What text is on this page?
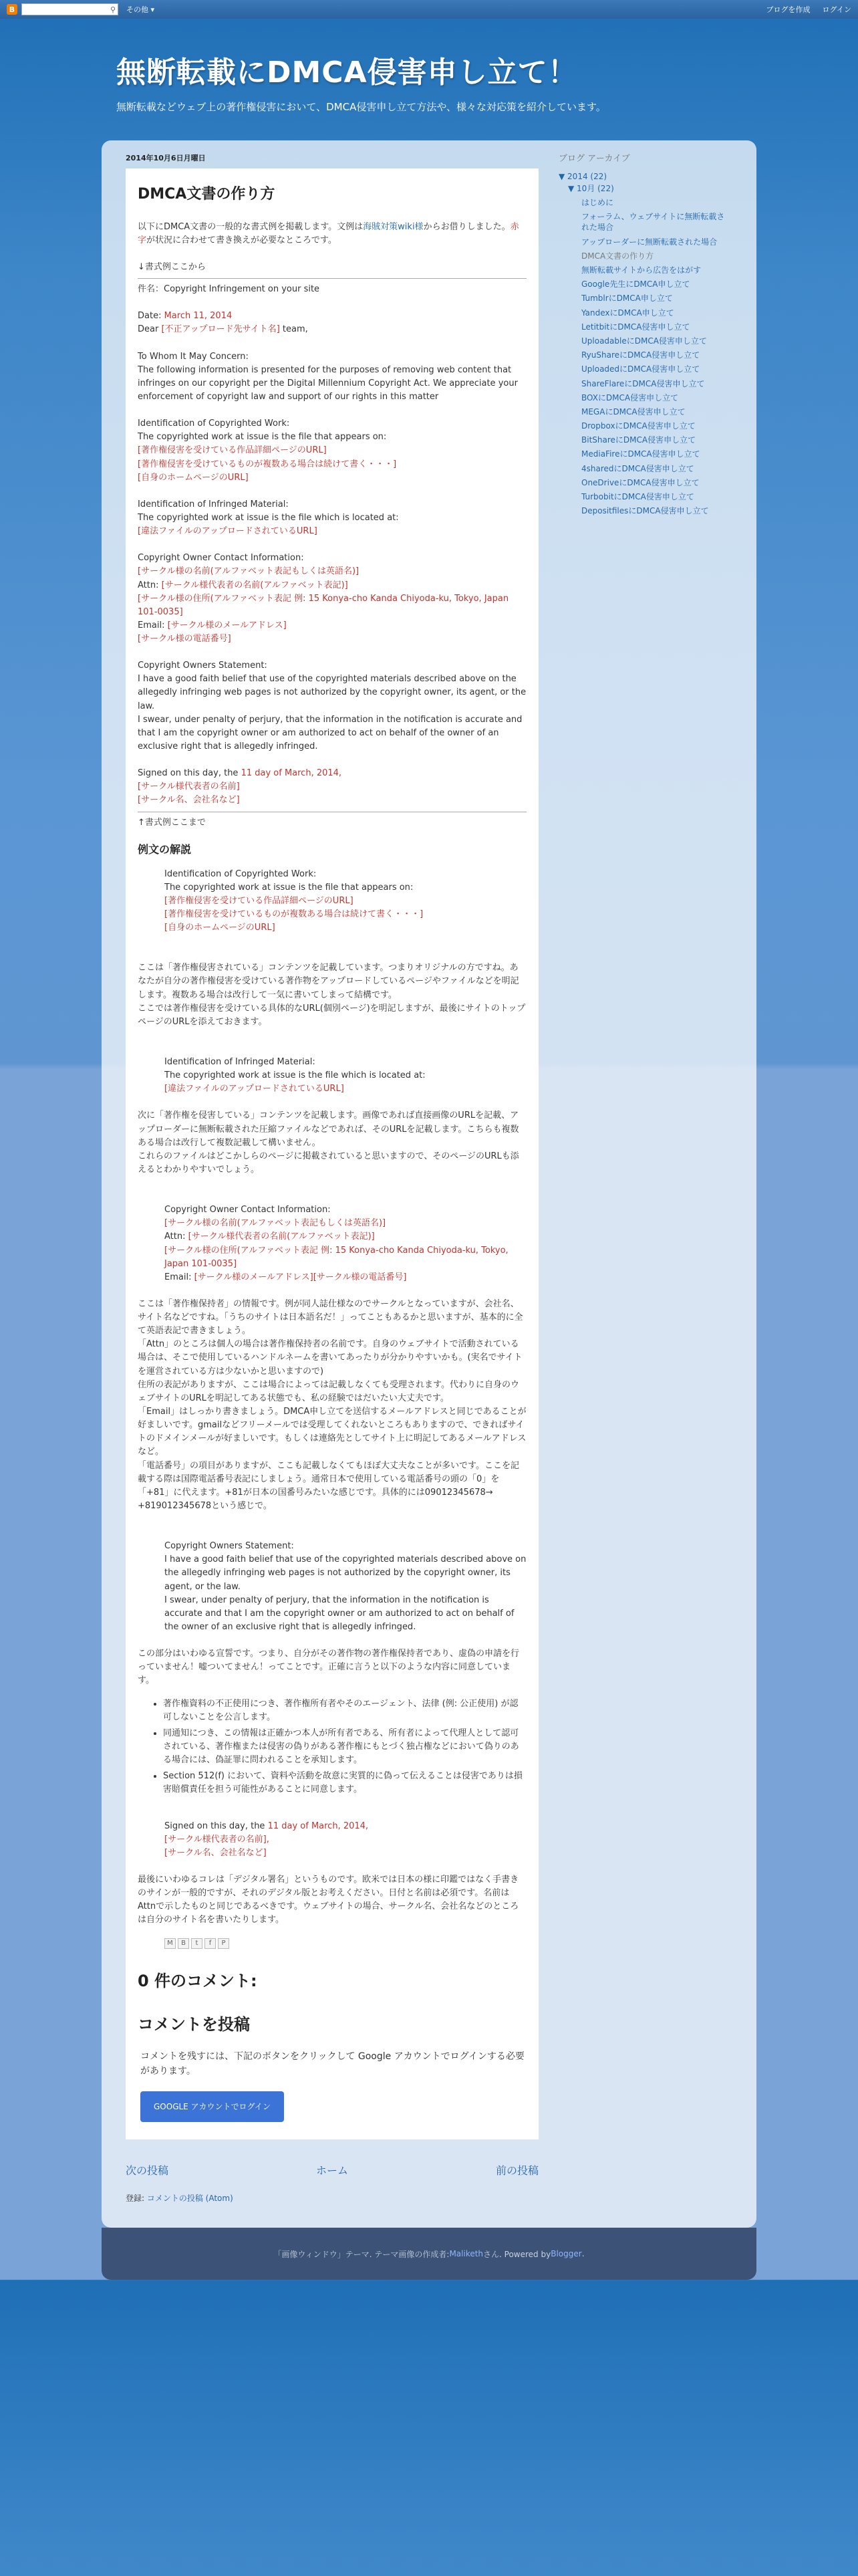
B	⚲ その他 ▾	ブログを作成 ログイン
無断転載にDMCA侵害申し立て！
無断転載などウェブ上の著作権侵害において、DMCA侵害申し立て方法や、様々な対応策を紹介しています。
2014年10月6日月曜日
DMCA文書の作り方

以下にDMCA文書の一般的な書式例を掲載します。文例は海賊対策wiki様からお借りしました。赤字が状況に合わせて書き換えが必要なところです。

↓書式例ここから

件名：Copyright Infringement on your site

Date: March 11, 2014

Dear [不正アップロード先サイト名] team,

To Whom It May Concern:

The following information is presented for the purposes of removing web content that infringes on our copyright per the Digital Millennium Copyright Act. We appreciate your enforcement of copyright law and support of our rights in this matter

Identification of Copyrighted Work:

The copyrighted work at issue is the file that appears on:

[著作権侵害を受けている作品詳細ページのURL]

[著作権侵害を受けているものが複数ある場合は続けて書く・・・]

[自身のホームページのURL]

Identification of Infringed Material:

The copyrighted work at issue is the file which is located at:

[違法ファイルのアップロードされているURL]

Copyright Owner Contact Information:

[サークル様の名前(アルファベット表記もしくは英語名)]

Attn: [サークル様代表者の名前(アルファベット表記)]

[サークル様の住所(アルファベット表記 例: 15 Konya-cho Kanda Chiyoda-ku, Tokyo, Japan 101-0035]

Email: [サークル様のメールアドレス]

[サークル様の電話番号]

Copyright Owners Statement:

I have a good faith belief that use of the copyrighted materials described above on the allegedly infringing web pages is not authorized by the copyright owner, its agent, or the law.

I swear, under penalty of perjury, that the information in the notification is accurate and that I am the copyright owner or am authorized to act on behalf of the owner of an exclusive right that is allegedly infringed.

Signed on this day, the 11 day of March, 2014,

[サークル様代表者の名前]

[サークル名、会社名など]

↑書式例ここまで

例文の解説

Identification of Copyrighted Work:

The copyrighted work at issue is the file that appears on:

[著作権侵害を受けている作品詳細ページのURL]

[著作権侵害を受けているものが複数ある場合は続けて書く・・・]

[自身のホームページのURL]

ここは「著作権侵害されている」コンテンツを記載しています。つまりオリジナルの方ですね。あなたが自分の著作権侵害を受けている著作物をアップロードしているページやファイルなどを明記します。複数ある場合は改行して一気に書いてしまって結構です。

ここでは著作権侵害を受けている具体的なURL(個別ページ)を明記しますが、最後にサイトのトップページのURLを添えておきます。

Identification of Infringed Material:

The copyrighted work at issue is the file which is located at:

[違法ファイルのアップロードされているURL]

次に「著作権を侵害している」コンテンツを記載します。画像であれば直接画像のURLを記載、アップローダーに無断転載された圧縮ファイルなどであれば、そのURLを記載します。こちらも複数ある場合は改行して複数記載して構いません。

これらのファイルはどこかしらのページに掲載されていると思いますので、そのページのURLも添えるとわかりやすいでしょう。

Copyright Owner Contact Information:

[サークル様の名前(アルファベット表記もしくは英語名)]

Attn: [サークル様代表者の名前(アルファベット表記)]

[サークル様の住所(アルファベット表記 例: 15 Konya-cho Kanda Chiyoda-ku, Tokyo, Japan 101-0035]

Email: [サークル様のメールアドレス][サークル様の電話番号]

ここは「著作権保持者」の情報です。例が同人誌仕様なのでサークルとなっていますが、会社名、サイト名などですね。「うちのサイトは日本語名だ！」ってこともあるかと思いますが、基本的に全て英語表記で書きましょう。

「Attn」のところは個人の場合は著作権保持者の名前です。自身のウェブサイトで活動されている場合は、そこで使用しているハンドルネームを書いてあったりが分かりやすいかも。(実名でサイトを運営されている方は少ないかと思いますので)

住所の表記がありますが、ここは場合によっては記載しなくても受理されます。代わりに自身のウェブサイトのURLを明記してある状態でも、私の経験ではだいたい大丈夫です。

「Email」はしっかり書きましょう。DMCA申し立てを送信するメールアドレスと同じであることが好ましいです。gmailなどフリーメールでは受理してくれないところもありますので、できればサイトのドメインメールが好ましいです。もしくは連絡先としてサイト上に明記してあるメールアドレスなど。

「電話番号」の項目がありますが、ここも記載しなくてもほぼ大丈夫なことが多いです。ここを記載する際は国際電話番号表記にしましょう。通常日本で使用している電話番号の頭の「0」を「+81」に代えます。+81が日本の国番号みたいな感じです。具体的には09012345678→ +819012345678という感じで。

Copyright Owners Statement:

I have a good faith belief that use of the copyrighted materials described above on the allegedly infringing web pages is not authorized by the copyright owner, its agent, or the law.

I swear, under penalty of perjury, that the information in the notification is accurate and that I am the copyright owner or am authorized to act on behalf of the owner of an exclusive right that is allegedly infringed.

この部分はいわゆる宣誓です。つまり、自分がその著作物の著作権保持者であり、虚偽の申請を行っていません！嘘ついてません！ってことです。正確に言うと以下のような内容に同意しています。

• 著作権資料の不正使用につき、著作権所有者やそのエージェント、法律 (例: 公正使用) が認可しないことを公言します。
• 同通知につき、この情報は正確かつ本人が所有者である、所有者によって代理人として認可されている、著作権または侵害の偽りがある著作権にもとづく独占権などにおいて偽りのある場合には、偽証罪に問われることを承知します。
• Section 512(f) において、資料や活動を故意に実質的に偽って伝えることは侵害でありは損害賠償責任を担う可能性があることに同意します。

Signed on this day, the 11 day of March, 2014,

[サークル様代表者の名前],

[サークル名、会社名など]

最後にいわゆるコレは「デジタル署名」というものです。欧米では日本の様に印鑑ではなく手書きのサインが一般的ですが、それのデジタル版とお考えください。日付と名前は必須です。名前はAttnで示したものと同じであるべきです。ウェブサイトの場合、サークル名、会社名などのところは自分のサイト名を書いたりします。

M	B	t	f	P
0 件のコメント:
コメントを投稿

コメントを残すには、下記のボタンをクリックして Google アカウントでログインする必要があります。

GOOGLE アカウントでログイン
ブログ アーカイブ
▼ 2014 (22)
▼ 10月 (22)
はじめに
フォーラム、ウェブサイトに無断転載された場合
アップローダーに無断転載された場合
DMCA文書の作り方
無断転載サイトから広告をはがす
Google先生にDMCA申し立て
TumblrにDMCA申し立て
YandexにDMCA申し立て
LetitbitにDMCA侵害申し立て
UploadableにDMCA侵害申し立て
RyuShareにDMCA侵害申し立て
UploadedにDMCA侵害申し立て
ShareFlareにDMCA侵害申し立て
BOXにDMCA侵害申し立て
MEGAにDMCA侵害申し立て
DropboxにDMCA侵害申し立て
BitShareにDMCA侵害申し立て
MediaFireにDMCA侵害申し立て
4sharedにDMCA侵害申し立て
OneDriveにDMCA侵害申し立て
TurbobitにDMCA侵害申し立て
DepositfilesにDMCA侵害申し立て
次の投稿	ホーム	前の投稿
登録: コメントの投稿 (Atom)
「画像ウィンドウ」テーマ. テーマ画像の作成者: Maliketh さん. Powered by Blogger .
